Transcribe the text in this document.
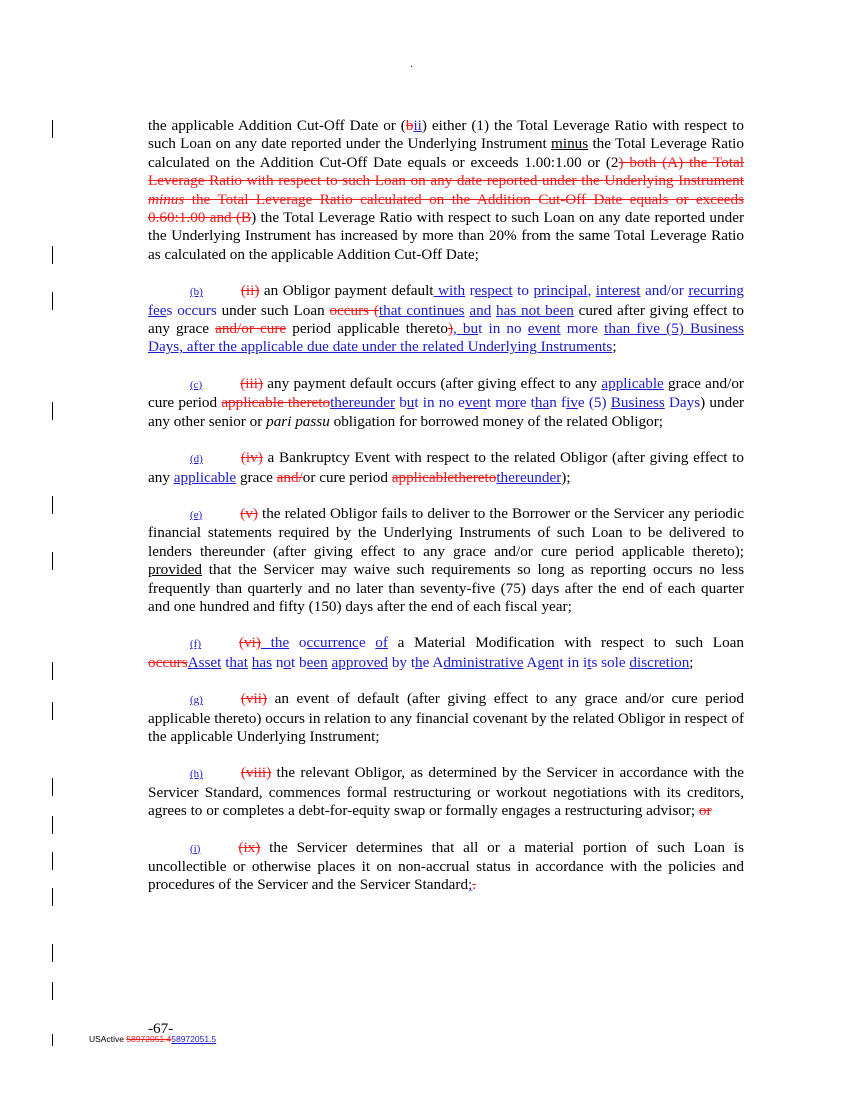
·

the applicable Addition Cut-Off Date or (bii) either (1) the Total Leverage Ratio with respect to such Loan on any date reported under the Underlying Instrument minus the Total Leverage Ratio calculated on the Addition Cut-Off Date equals or exceeds 1.00:1.00 or (2) both (A) the Total Leverage Ratio with respect to such Loan on any date reported under the Underlying Instrument minus the Total Leverage Ratio calculated on the Addition Cut-Off Date equals or exceeds 0.60:1.00 and (B) the Total Leverage Ratio with respect to such Loan on any date reported under the Underlying Instrument has increased by more than 20% from the same Total Leverage Ratio as calculated on the applicable Addition Cut-Off Date;

(b)	(ii) an Obligor payment default with respect to principal, interest and/or recurring fees occurs under such Loan occurs (that continues and has not been cured after giving effect to any grace and/or cure period applicable thereto), but in no event more than five (5) Business Days, after the applicable due date under the related Underlying Instruments;

(c)	(iii) any payment default occurs (after giving effect to any applicable grace and/or cure period applicable theretothereunder but in no event more than five (5) Business Days) under any other senior or pari passu obligation for borrowed money of the related Obligor;

(d)	(iv) a Bankruptcy Event with respect to the related Obligor (after giving effect to any applicable grace and/or cure period applicabletheretothereunder);

(e)	(v) the related Obligor fails to deliver to the Borrower or the Servicer any periodic financial statements required by the Underlying Instruments of such Loan to be delivered to lenders thereunder (after giving effect to any grace and/or cure period applicable thereto); provided that the Servicer may waive such requirements so long as reporting occurs no less frequently than quarterly and no later than seventy-five (75) days after the end of each quarter and one hundred and fifty (150) days after the end of each fiscal year;

(f)	(vi) the occurrence of a Material Modification with respect to such Loan occursAsset that has not been approved by the Administrative Agent in its sole discretion;

(g)	(vii) an event of default (after giving effect to any grace and/or cure period applicable thereto) occurs in relation to any financial covenant by the related Obligor in respect of the applicable Underlying Instrument;

(h)	(viii) the relevant Obligor, as determined by the Servicer in accordance with the Servicer Standard, commences formal restructuring or workout negotiations with its creditors, agrees to or completes a debt-for-equity swap or formally engages a restructuring advisor; or

(i)	(ix) the Servicer determines that all or a material portion of such Loan is uncollectible or otherwise places it on non-accrual status in accordance with the policies and procedures of the Servicer and the Servicer Standard;.

-67-
USActive 58972051.458972051.5
